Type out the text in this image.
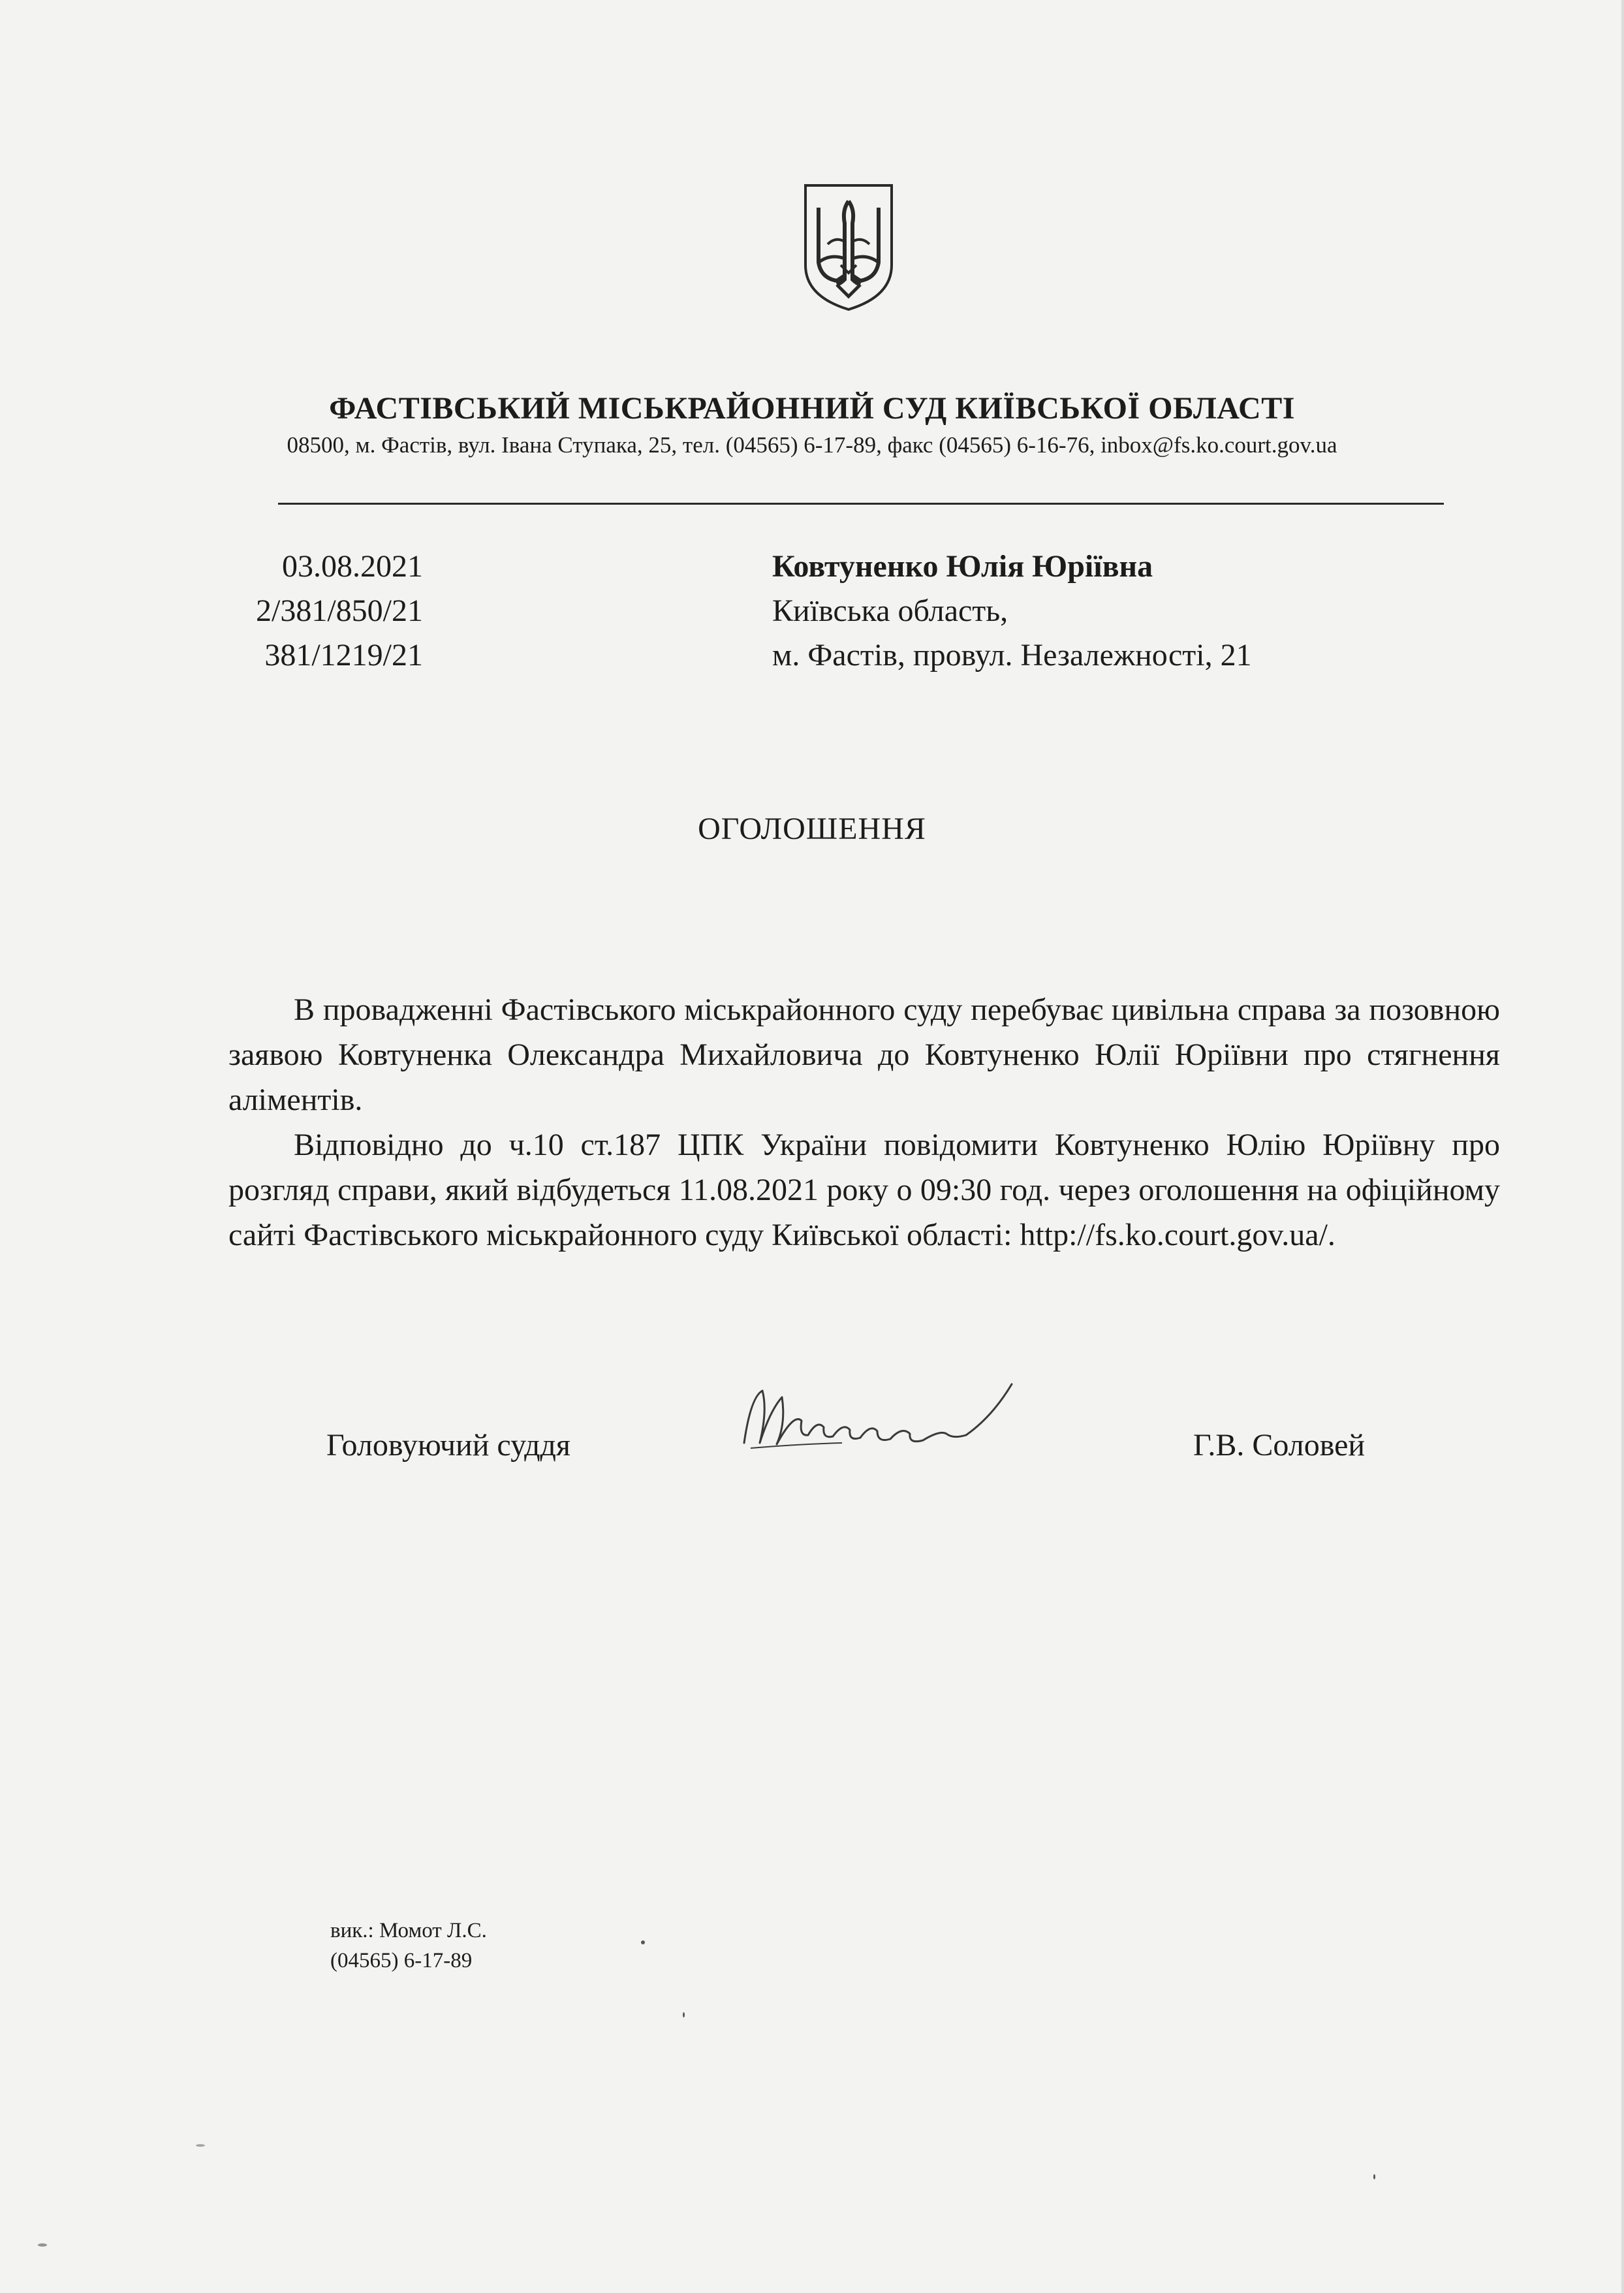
ФАСТІВСЬКИЙ МІСЬКРАЙОННИЙ СУД КИЇВСЬКОЇ ОБЛАСТІ
08500, м. Фастів, вул. Івана Ступака, 25, тел. (04565) 6-17-89, факс (04565) 6-16-76, inbox@fs.ko.court.gov.ua
03.08.2021
2/381/850/21
381/1219/21
Ковтуненко Юлія Юріївна
Київська область,
м. Фастів, провул. Незалежності, 21
ОГОЛОШЕННЯ

В провадженні Фастівського міськрайонного суду перебуває цивільна справа за позовною заявою Ковтуненка Олександра Михайловича до Ковтуненко Юлії Юріївни про стягнення аліментів.

Відповідно до ч.10 ст.187 ЦПК України повідомити Ковтуненко Юлію Юріївну про розгляд справи, який відбудеться 11.08.2021 року о 09:30 год. через оголошення на офіційному сайті Фастівського міськрайонного суду Київської області: http://fs.ko.court.gov.ua/.

Головуючий суддя	Г.В. Соловей
вик.: Момот Л.С.
(04565) 6-17-89
